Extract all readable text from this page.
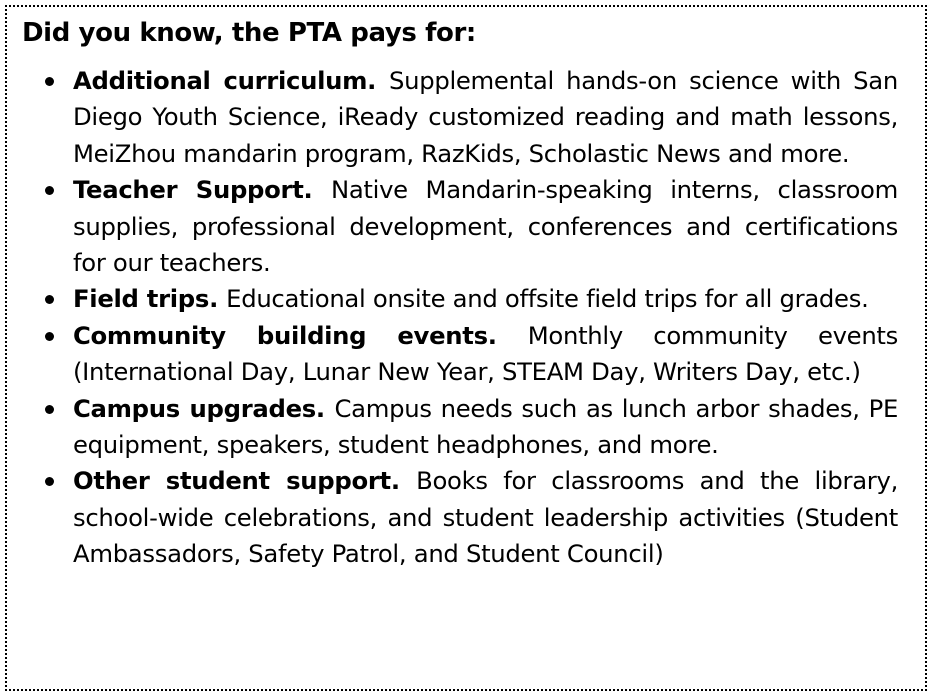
Did you know, the PTA pays for:
Additional curriculum. Supplemental hands-on science with San Diego Youth Science, iReady customized reading and math lessons, MeiZhou mandarin program, RazKids, Scholastic News and more.
Teacher Support. Native Mandarin-speaking interns, classroom supplies, professional development, conferences and certifications for our teachers.
Field trips. Educational onsite and offsite field trips for all grades.
Community building events. Monthly community events (International Day, Lunar New Year, STEAM Day, Writers Day, etc.)
Campus upgrades. Campus needs such as lunch arbor shades, PE equipment, speakers, student headphones, and more.
Other student support. Books for classrooms and the library, school-wide celebrations, and student leadership activities (Student Ambassadors, Safety Patrol, and Student Council)
